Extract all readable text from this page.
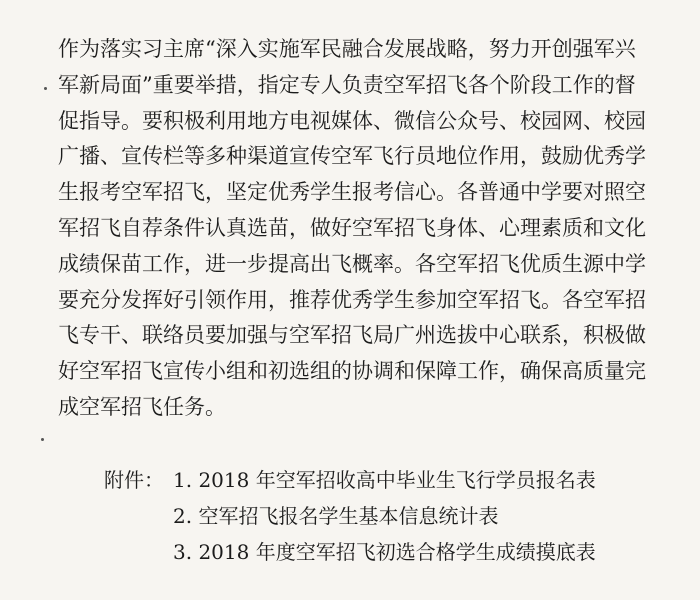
作为落实习主席“深入实施军民融合发展战略，努力开创强军兴
军新局面”重要举措，指定专人负责空军招飞各个阶段工作的督
促指导。要积极利用地方电视媒体、微信公众号、校园网、校园
广播、宣传栏等多种渠道宣传空军飞行员地位作用，鼓励优秀学
生报考空军招飞，坚定优秀学生报考信心。各普通中学要对照空
军招飞自荐条件认真选苗，做好空军招飞身体、心理素质和文化
成绩保苗工作，进一步提高出飞概率。各空军招飞优质生源中学
要充分发挥好引领作用，推荐优秀学生参加空军招飞。各空军招
飞专干、联络员要加强与空军招飞局广州选拔中心联系，积极做
好空军招飞宣传小组和初选组的协调和保障工作，确保高质量完
成空军招飞任务。
附件： 1. 2018 年空军招收高中毕业生飞行学员报名表
2. 空军招飞报名学生基本信息统计表
3. 2018 年度空军招飞初选合格学生成绩摸底表
